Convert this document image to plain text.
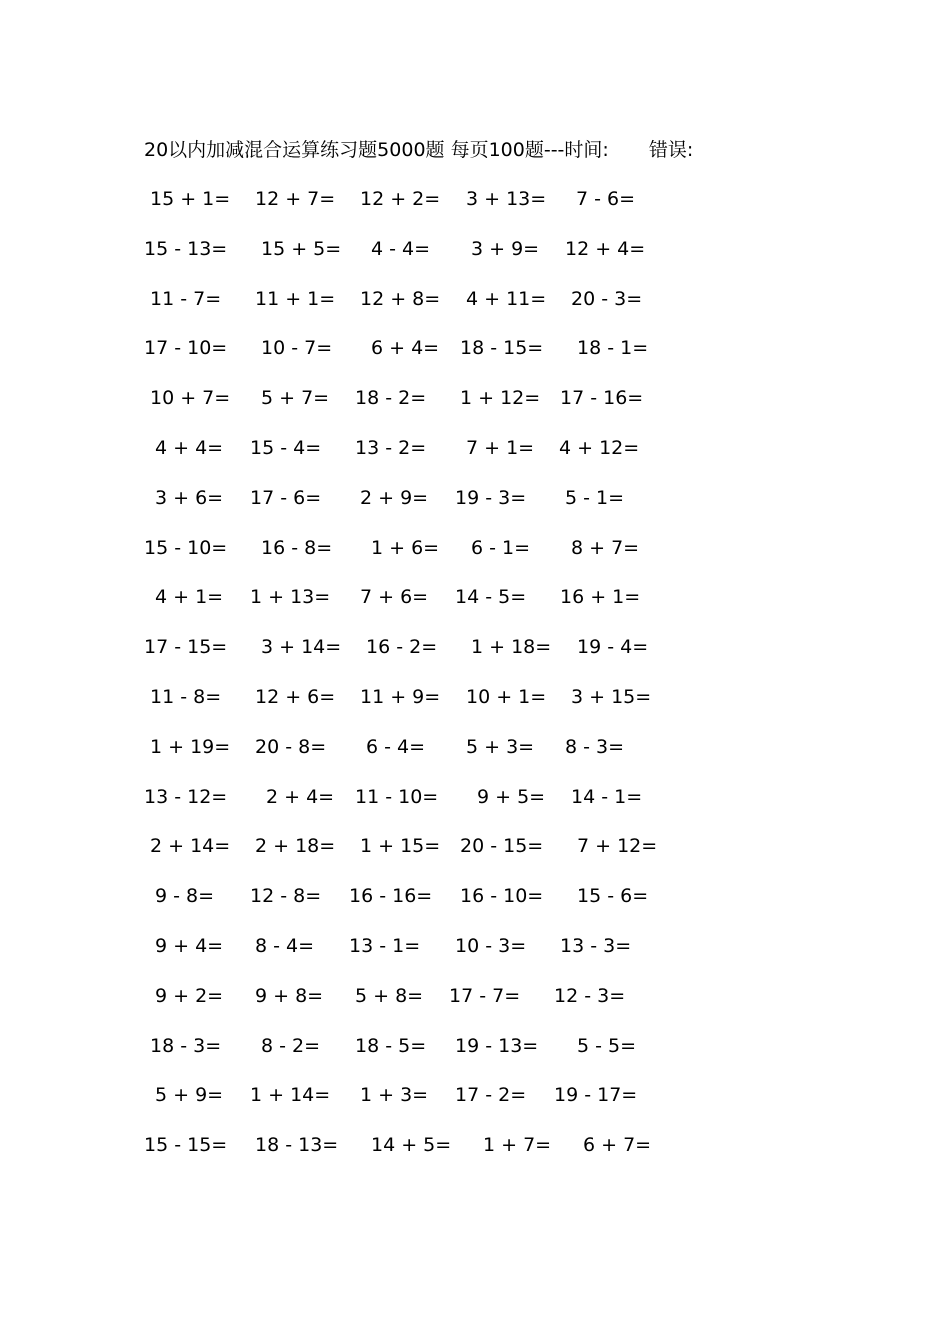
20以内加减混合运算练习题5000题 每页100题---时间: 错误:
15 + 1= 12 + 7= 12 + 2= 3 + 13= 7 - 6=
15 - 13= 15 + 5= 4 - 4= 3 + 9= 12 + 4=
11 - 7= 11 + 1= 12 + 8= 4 + 11= 20 - 3=
17 - 10= 10 - 7= 6 + 4= 18 - 15= 18 - 1=
10 + 7= 5 + 7= 18 - 2= 1 + 12= 17 - 16=
4 + 4= 15 - 4= 13 - 2= 7 + 1= 4 + 12=
3 + 6= 17 - 6= 2 + 9= 19 - 3= 5 - 1=
15 - 10= 16 - 8= 1 + 6= 6 - 1= 8 + 7=
4 + 1= 1 + 13= 7 + 6= 14 - 5= 16 + 1=
17 - 15= 3 + 14= 16 - 2= 1 + 18= 19 - 4=
11 - 8= 12 + 6= 11 + 9= 10 + 1= 3 + 15=
1 + 19= 20 - 8= 6 - 4= 5 + 3= 8 - 3=
13 - 12= 2 + 4= 11 - 10= 9 + 5= 14 - 1=
2 + 14= 2 + 18= 1 + 15= 20 - 15= 7 + 12=
9 - 8= 12 - 8= 16 - 16= 16 - 10= 15 - 6=
9 + 4= 8 - 4= 13 - 1= 10 - 3= 13 - 3=
9 + 2= 9 + 8= 5 + 8= 17 - 7= 12 - 3=
18 - 3= 8 - 2= 18 - 5= 19 - 13= 5 - 5=
5 + 9= 1 + 14= 1 + 3= 17 - 2= 19 - 17=
15 - 15= 18 - 13= 14 + 5= 1 + 7= 6 + 7=
